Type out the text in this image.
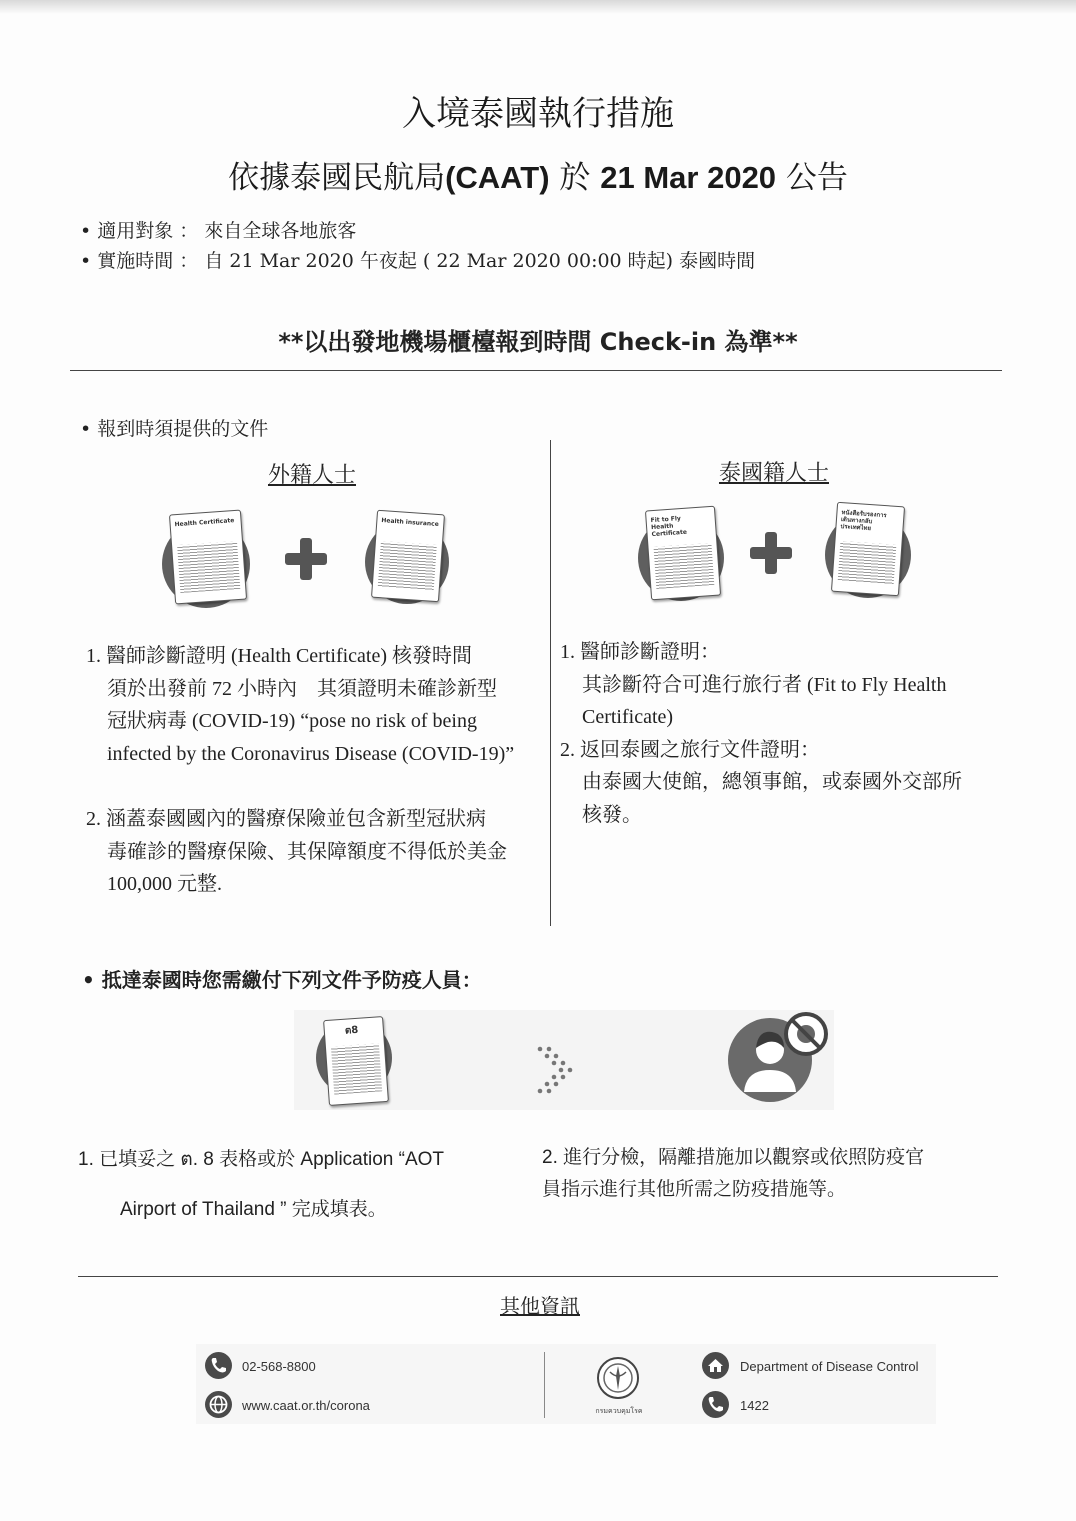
入境泰國執行措施
依據泰國民航局(CAAT) 於 21 Mar 2020 公告
• 適用對象 ： 來自全球各地旅客
• 實施時間 ： 自 21 Mar 2020 午夜起 ( 22 Mar 2020 00:00 時起) 泰國時間
**以出發地機場櫃檯報到時間 Check-in 為準**
• 報到時須提供的文件
外籍人士	泰國籍人士
Health Certificate	Health insurance	Fit to Fly Health Certificate
หนังสือรับรองการเดินทางกลับประเทศไทย

1. 醫師診斷證明 (Health Certificate) 核發時間

須於出發前 72 小時內　其須證明未確診新型

冠狀病毒 (COVID-19) “pose no risk of being

infected by the Coronavirus Disease (COVID-19)”

2. 涵蓋泰國國內的醫療保險並包含新型冠狀病

毒確診的醫療保險、其保障額度不得低於美金

100,000 元整.

1. 醫師診斷證明：

其診斷符合可進行旅行者 (Fit to Fly Health

Certificate)

2. 返回泰國之旅行文件證明：

由泰國大使館，總領事館，或泰國外交部所

核發。

• 抵達泰國時您需繳付下列文件予防疫人員：
ต8
1. 已填妥之 ต. 8 表格或於 Application “AOT
Airport of Thailand ” 完成填表。
2. 進行分檢，隔離措施加以觀察或依照防疫官
員指示進行其他所需之防疫措施等。
其他資訊
02-568-8800
www.caat.or.th/corona	กรมควบคุมโรค
Department of Disease Control
1422
